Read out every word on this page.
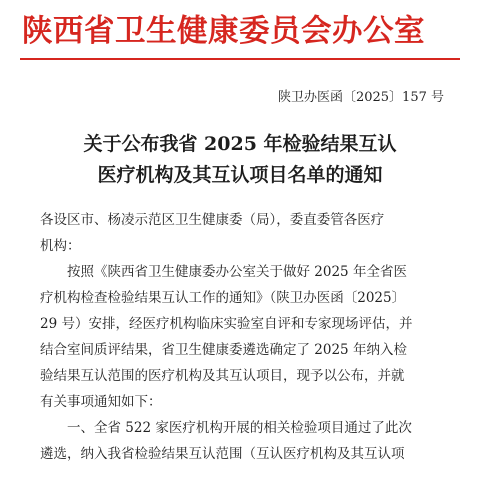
陕西省卫生健康委员会办公室
陕卫办医函〔2025〕157 号
关于公布我省 2025 年检验结果互认
医疗机构及其互认项目名单的通知
各设区市、杨凌示范区卫生健康委（局），委直委管各医疗
机构：
按照《陕西省卫生健康委办公室关于做好 2025 年全省医
疗机构检查检验结果互认工作的通知》（陕卫办医函〔2025〕
29 号）安排，经医疗机构临床实验室自评和专家现场评估，并
结合室间质评结果，省卫生健康委遴选确定了 2025 年纳入检
验结果互认范围的医疗机构及其互认项目，现予以公布，并就
有关事项通知如下：
一、全省 522 家医疗机构开展的相关检验项目通过了此次
遴选，纳入我省检验结果互认范围（互认医疗机构及其互认项
